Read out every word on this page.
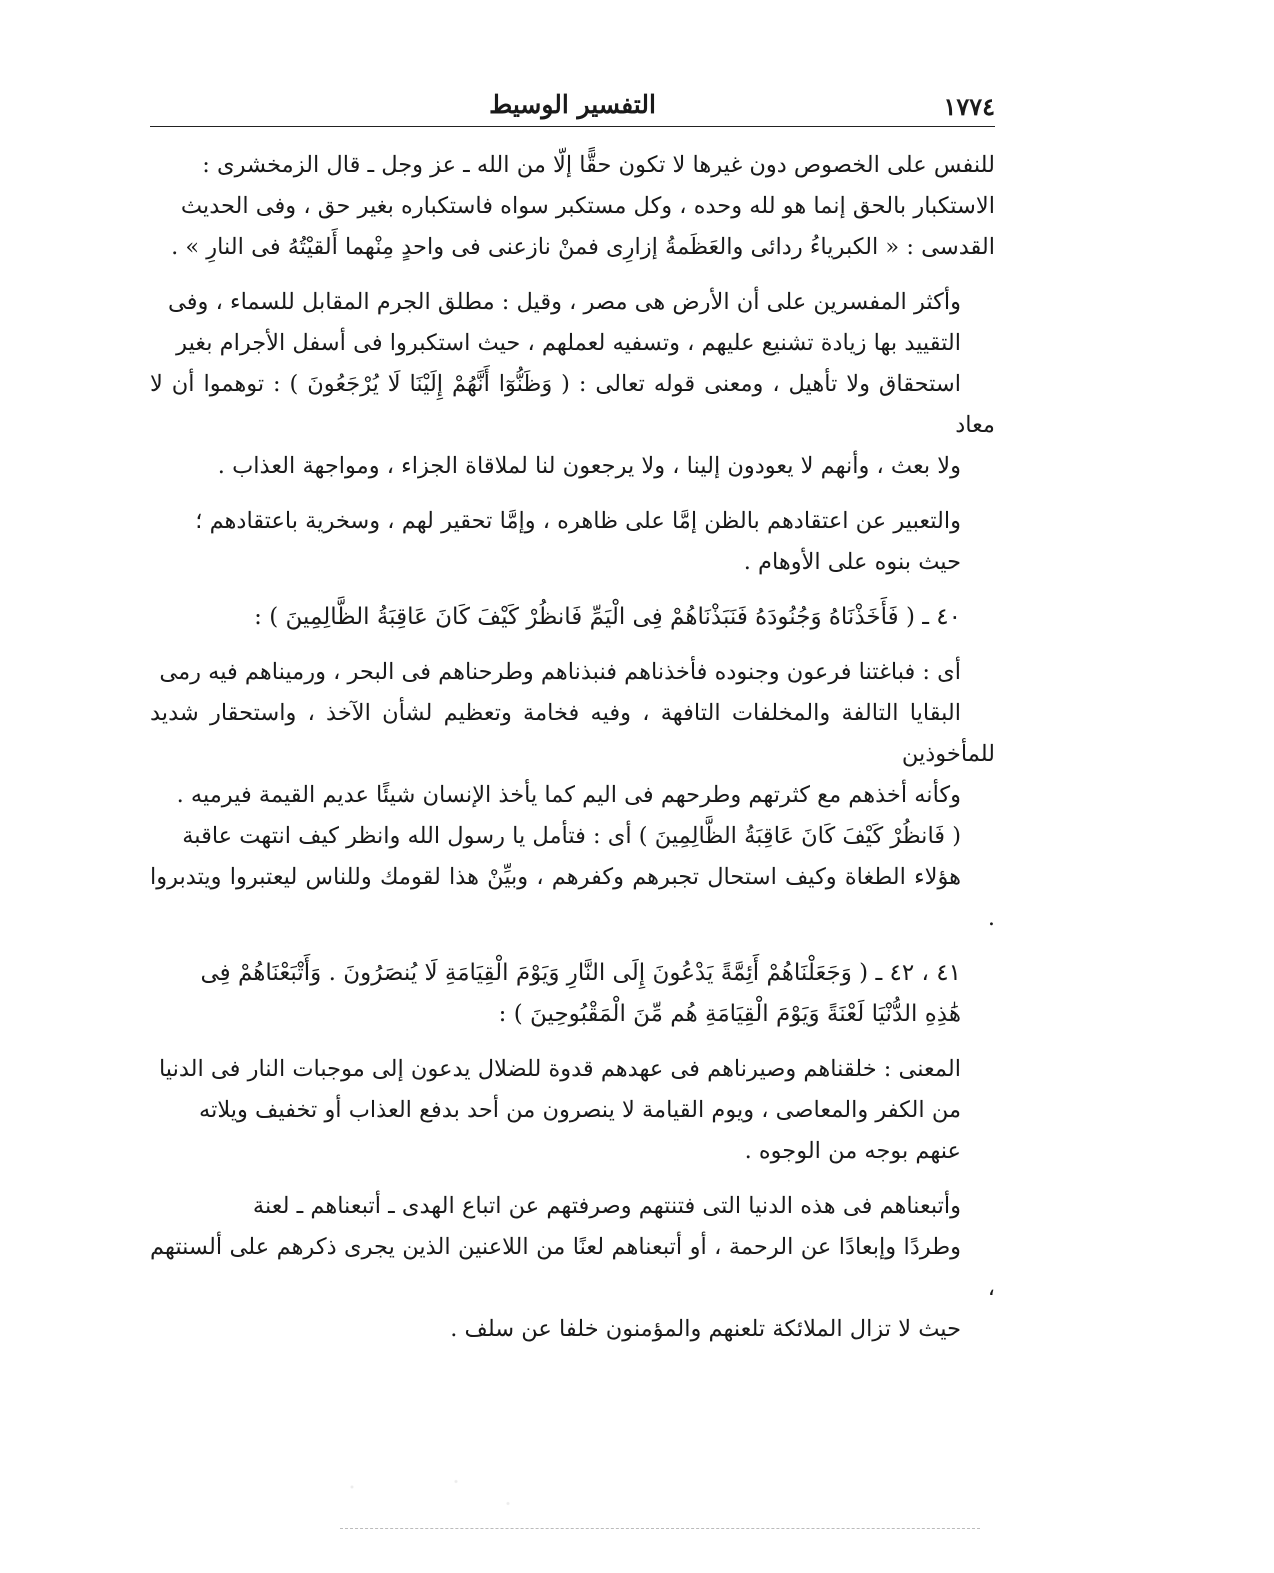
١٧٧٤
التفسير الوسيط

للنفس على الخصوص دون غيرها لا تكون حقًّا إلّا من الله ـ عز وجل ـ قال الزمخشرى :
الاستكبار بالحق إنما هو لله وحده ، وكل مستكبر سواه فاستكباره بغير حق ، وفى الحديث
القدسى : « الكبرياءُ ردائى والعَظَمةُ إزارِى فمنْ نازعنى فى واحدٍ مِنْهما أَلقيْتُهُ فى النارِ » .

وأكثر المفسرين على أن الأرض هى مصر ، وقيل : مطلق الجرم المقابل للسماء ، وفى
التقييد بها زيادة تشنيع عليهم ، وتسفيه لعملهم ، حيث استكبروا فى أسفل الأجرام بغير
استحقاق ولا تأهيل ، ومعنى قوله تعالى : ( وَظَنُّوٓا أَنَّهُمْ إِلَيْنَا لَا يُرْجَعُونَ ) : توهموا أن لا معاد
ولا بعث ، وأنهم لا يعودون إلينا ، ولا يرجعون لنا لملاقاة الجزاء ، ومواجهة العذاب .

والتعبير عن اعتقادهم بالظن إمَّا على ظاهره ، وإمَّا تحقير لهم ، وسخرية باعتقادهم ؛
حيث بنوه على الأوهام .

٤٠ ـ ( فَأَخَذْنَاهُ وَجُنُودَهُ فَنَبَذْنَاهُمْ فِى الْيَمِّ فَانظُرْ كَيْفَ كَانَ عَاقِبَةُ الظَّالِمِينَ ) :

أى : فباغتنا فرعون وجنوده فأخذناهم فنبذناهم وطرحناهم فى البحر ، ورميناهم فيه رمى
البقايا التالفة والمخلفات التافهة ، وفيه فخامة وتعظيم لشأن الآخذ ، واستحقار شديد للمأخوذين
وكأنه أخذهم مع كثرتهم وطرحهم فى اليم كما يأخذ الإنسان شيئًا عديم القيمة فيرميه .
( فَانظُرْ كَيْفَ كَانَ عَاقِبَةُ الظَّالِمِينَ ) أى : فتأمل يا رسول الله وانظر كيف انتهت عاقبة
هؤلاء الطغاة وكيف استحال تجبرهم وكفرهم ، وبيِّنْ هذا لقومك وللناس ليعتبروا ويتدبروا .

٤١ ، ٤٢ ـ ( وَجَعَلْنَاهُمْ أَئِمَّةً يَدْعُونَ إِلَى النَّارِ وَيَوْمَ الْقِيَامَةِ لَا يُنصَرُونَ . وَأَتْبَعْنَاهُمْ فِى
هَٰذِهِ الدُّنْيَا لَعْنَةً وَيَوْمَ الْقِيَامَةِ هُم مِّنَ الْمَقْبُوحِينَ ) :

المعنى : خلقناهم وصيرناهم فى عهدهم قدوة للضلال يدعون إلى موجبات النار فى الدنيا
من الكفر والمعاصى ، ويوم القيامة لا ينصرون من أحد بدفع العذاب أو تخفيف ويلاته
عنهم بوجه من الوجوه .

وأتبعناهم فى هذه الدنيا التى فتنتهم وصرفتهم عن اتباع الهدى ـ أتبعناهم ـ لعنة
وطردًا وإبعادًا عن الرحمة ، أو أتبعناهم لعنًا من اللاعنين الذين يجرى ذكرهم على ألسنتهم ،
حيث لا تزال الملائكة تلعنهم والمؤمنون خلفا عن سلف .
